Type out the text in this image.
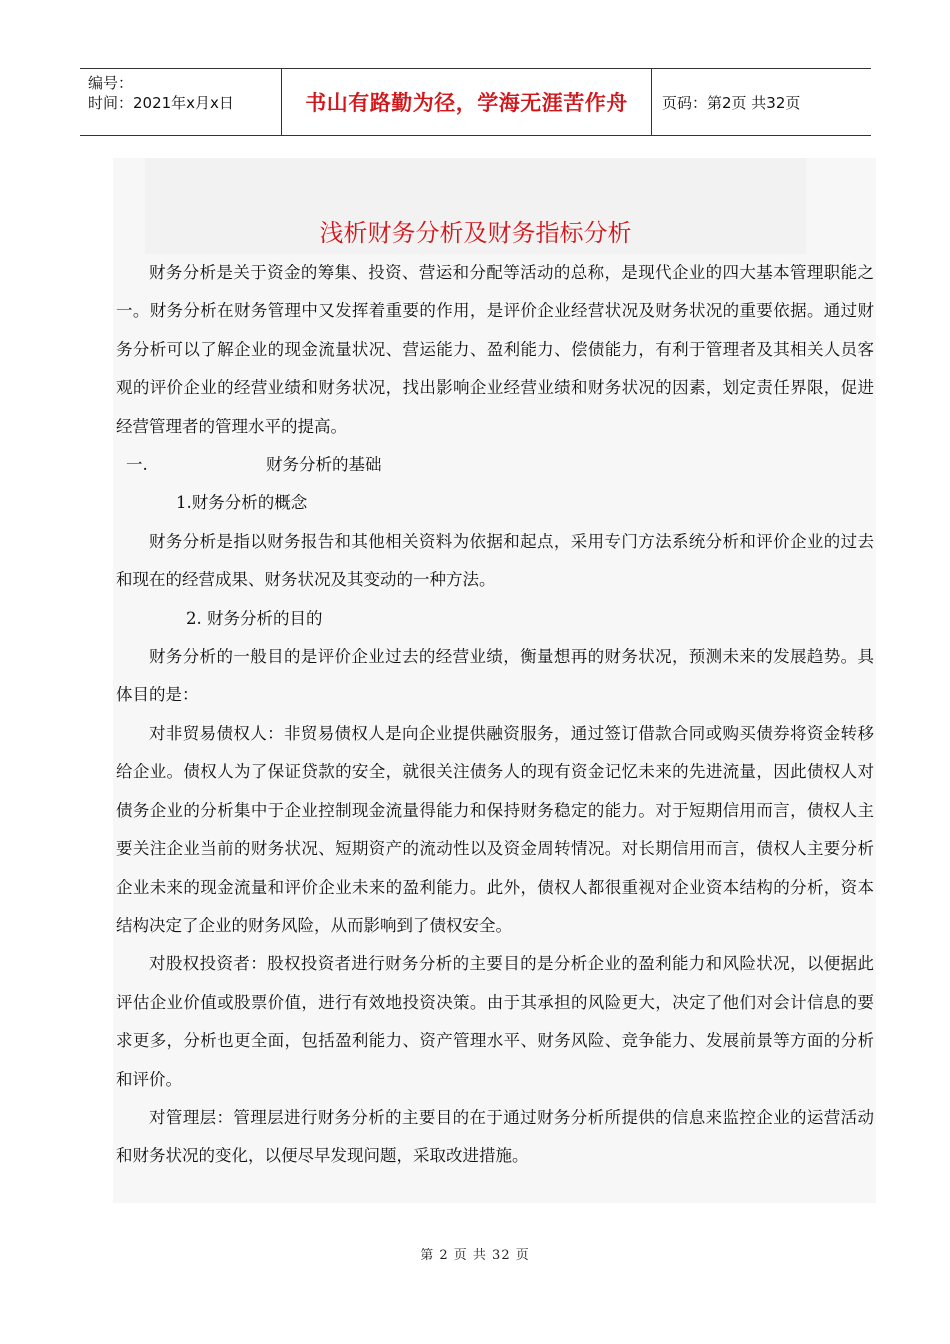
编号：
时间：2021年x月x日	书山有路勤为径，学海无涯苦作舟	页码：第2页 共32页
浅析财务分析及财务指标分析

财务分析是关于资金的筹集、投资、营运和分配等活动的总称，是现代企业的四大基本管理职能之一。财务分析在财务管理中又发挥着重要的作用，是评价企业经营状况及财务状况的重要依据。通过财务分析可以了解企业的现金流量状况、营运能力、盈利能力、偿债能力，有利于管理者及其相关人员客观的评价企业的经营业绩和财务状况，找出影响企业经营业绩和财务状况的因素，划定责任界限，促进经营管理者的管理水平的提高。

一.	财务分析的基础

1.财务分析的概念

财务分析是指以财务报告和其他相关资料为依据和起点，采用专门方法系统分析和评价企业的过去和现在的经营成果、财务状况及其变动的一种方法。

2. 财务分析的目的

财务分析的一般目的是评价企业过去的经营业绩，衡量想再的财务状况，预测未来的发展趋势。具体目的是：

对非贸易债权人：非贸易债权人是向企业提供融资服务，通过签订借款合同或购买债券将资金转移给企业。债权人为了保证贷款的安全，就很关注债务人的现有资金记忆未来的先进流量，因此债权人对债务企业的分析集中于企业控制现金流量得能力和保持财务稳定的能力。对于短期信用而言，债权人主要关注企业当前的财务状况、短期资产的流动性以及资金周转情况。对长期信用而言，债权人主要分析企业未来的现金流量和评价企业未来的盈利能力。此外，债权人都很重视对企业资本结构的分析，资本结构决定了企业的财务风险，从而影响到了债权安全。

对股权投资者：股权投资者进行财务分析的主要目的是分析企业的盈利能力和风险状况，以便据此评估企业价值或股票价值，进行有效地投资决策。由于其承担的风险更大，决定了他们对会计信息的要求更多，分析也更全面，包括盈利能力、资产管理水平、财务风险、竞争能力、发展前景等方面的分析和评价。

对管理层：管理层进行财务分析的主要目的在于通过财务分析所提供的信息来监控企业的运营活动和财务状况的变化，以便尽早发现问题，采取改进措施。

第 2 页 共 32 页
